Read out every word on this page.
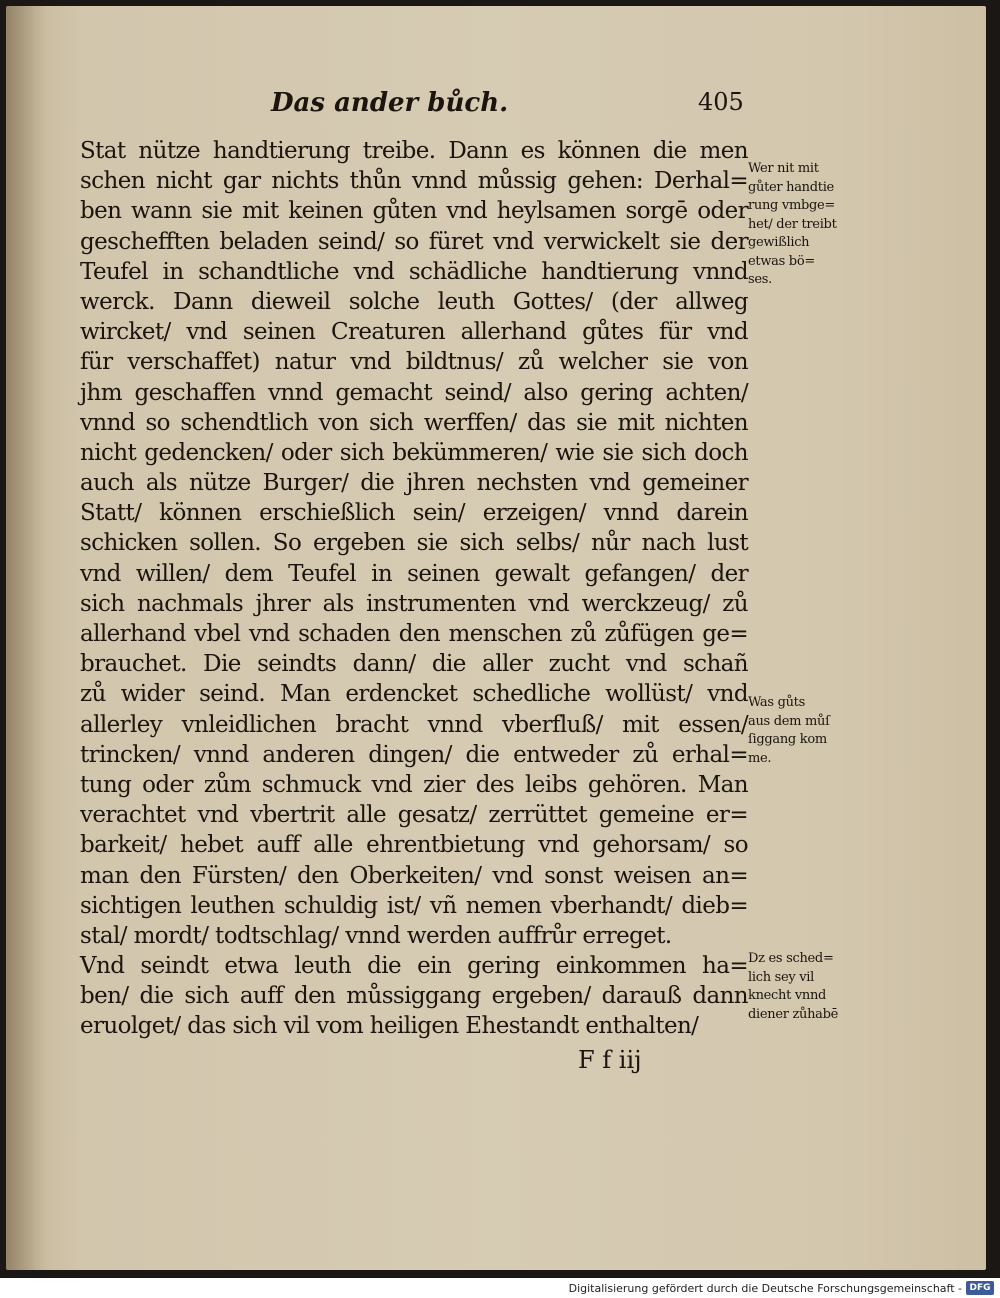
Das ander bůch.	405
Stat nütze handtierung treibe. Dann es können die men
schen nicht gar nichts thůn vnnd můssig gehen: Derhal=
ben wann sie mit keinen gůten vnd heylsamen sorgē oder
gescheﬀten beladen seind/ so füret vnd verwickelt sie der
Teufel in schandtliche vnd schädliche handtierung vnnd
werck. Dann dieweil solche leuth Gottes/ (der allweg
wircket/ vnd seinen Creaturen allerhand gůtes für vnd
für verschaffet) natur vnd bildtnus/ zů welcher sie von
jhm geschaffen vnnd gemacht seind/ also gering achten/
vnnd so schendtlich von sich werffen/ das sie mit nichten
nicht gedencken/ oder sich bekümmeren/ wie sie sich doch
auch als nütze Burger/ die jhren nechsten vnd gemeiner
Statt/ können erschießlich sein/ erzeigen/ vnnd darein
schicken sollen. So ergeben sie sich selbs/ nůr nach lust
vnd willen/ dem Teufel in seinen gewalt gefangen/ der
sich nachmals jhrer als instrumenten vnd werckzeug/ zů
allerhand vbel vnd schaden den menschen zů zůfügen ge=
brauchet. Die seindts dann/ die aller zucht vnd schañ
zů wider seind. Man erdencket schedliche wollüst/ vnd
allerley vnleidlichen bracht vnnd vberfluß/ mit essen/
trincken/ vnnd anderen dingen/ die entweder zů erhal=
tung oder zům schmuck vnd zier des leibs gehören. Man
verachtet vnd vbertrit alle gesatz/ zerrüttet gemeine er=
barkeit/ hebet auff alle ehrentbietung vnd gehorsam/ so
man den Fürsten/ den Oberkeiten/ vnd sonst weisen an=
sichtigen leuthen schuldig ist/ vñ nemen vberhandt/ dieb=
stal/ mordt/ todtschlag/ vnnd werden auffrůr erreget.
Vnd seindt etwa leuth die ein gering einkommen ha=
ben/ die sich auff den můssiggang ergeben/ darauß dann
eruolget/ das sich vil vom heiligen Ehestandt enthalten/
Wer nit mit
gůter handtie
rung vmbge=
het/ der treibt
gewißlich
etwas bö=
ses.
Was gůts
aus dem můſ
ſiggang kom
me.
Dz es sched=
lich sey vil
knecht vnnd
diener zůhabē
F f iij
Digitalisierung gefördert durch die Deutsche Forschungsgemeinschaft - DFG
